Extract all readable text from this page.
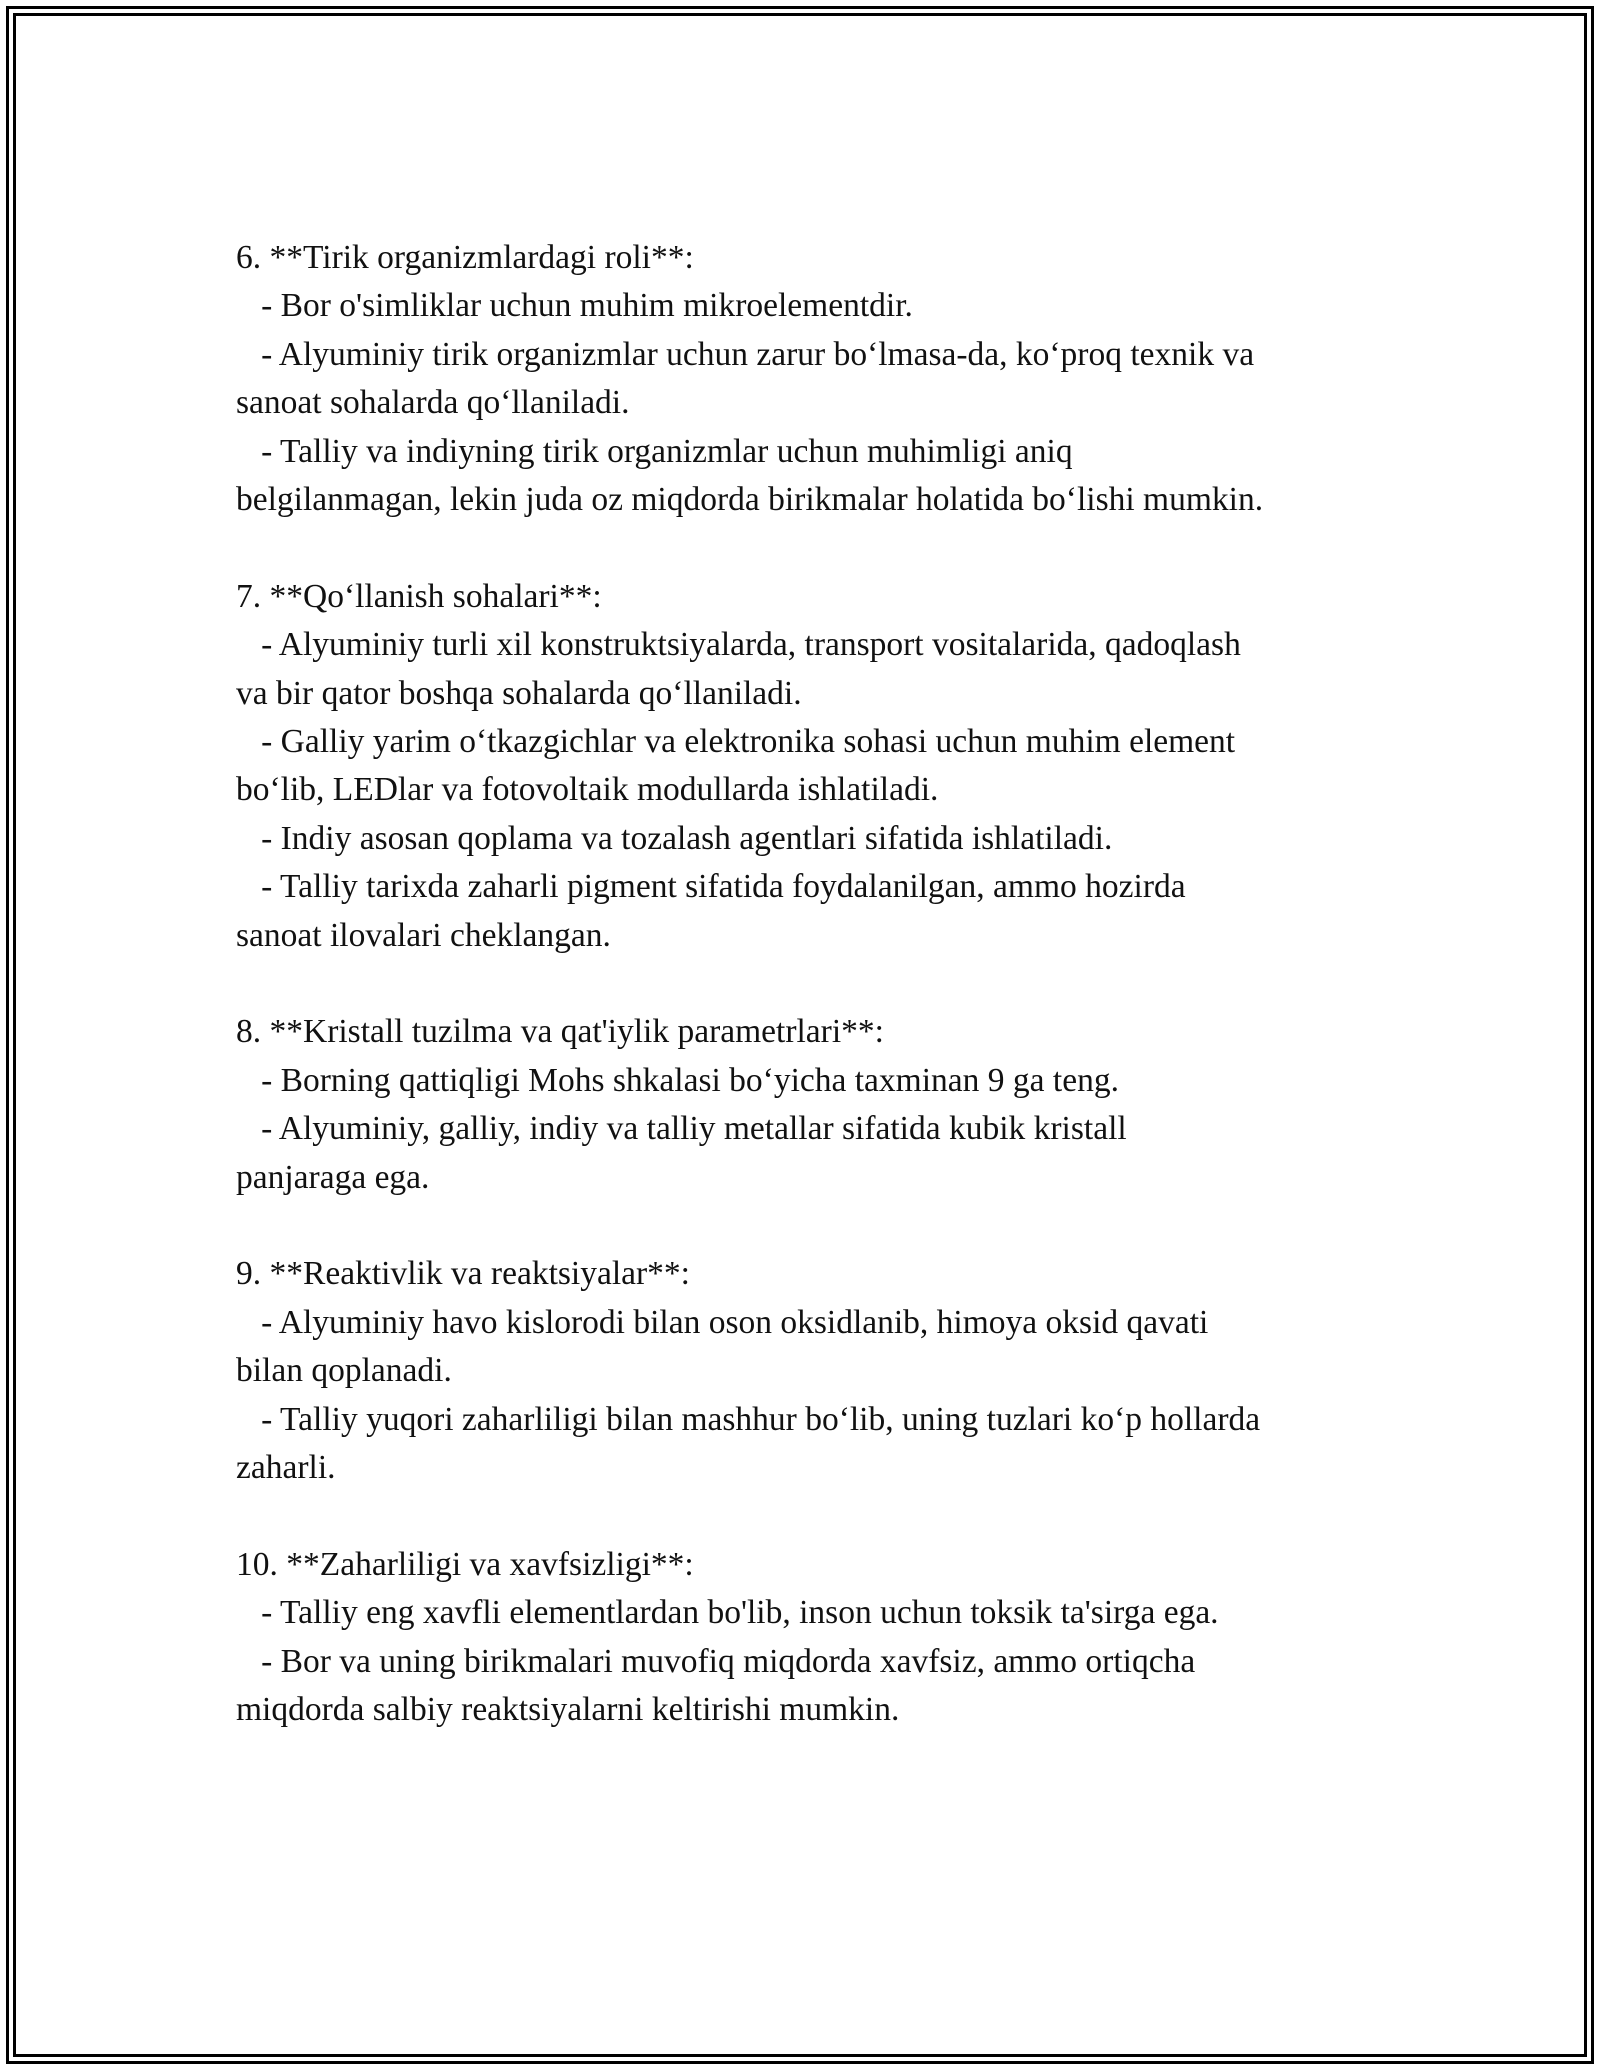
6. **Tirik organizmlardagi roli**:
- Bor o'simliklar uchun muhim mikroelementdir.
- Alyuminiy tirik organizmlar uchun zarur boʻlmasa-da, koʻproq texnik va
sanoat sohalarda qoʻllaniladi.
- Talliy va indiyning tirik organizmlar uchun muhimligi aniq
belgilanmagan, lekin juda oz miqdorda birikmalar holatida boʻlishi mumkin.
7. **Qoʻllanish sohalari**:
- Alyuminiy turli xil konstruktsiyalarda, transport vositalarida, qadoqlash
va bir qator boshqa sohalarda qoʻllaniladi.
- Galliy yarim oʻtkazgichlar va elektronika sohasi uchun muhim element
boʻlib, LEDlar va fotovoltaik modullarda ishlatiladi.
- Indiy asosan qoplama va tozalash agentlari sifatida ishlatiladi.
- Talliy tarixda zaharli pigment sifatida foydalanilgan, ammo hozirda
sanoat ilovalari cheklangan.
8. **Kristall tuzilma va qat'iylik parametrlari**:
- Borning qattiqligi Mohs shkalasi boʻyicha taxminan 9 ga teng.
- Alyuminiy, galliy, indiy va talliy metallar sifatida kubik kristall
panjaraga ega.
9. **Reaktivlik va reaktsiyalar**:
- Alyuminiy havo kislorodi bilan oson oksidlanib, himoya oksid qavati
bilan qoplanadi.
- Talliy yuqori zaharliligi bilan mashhur boʻlib, uning tuzlari koʻp hollarda
zaharli.
10. **Zaharliligi va xavfsizligi**:
- Talliy eng xavfli elementlardan bo'lib, inson uchun toksik ta'sirga ega.
- Bor va uning birikmalari muvofiq miqdorda xavfsiz, ammo ortiqcha
miqdorda salbiy reaktsiyalarni keltirishi mumkin.
